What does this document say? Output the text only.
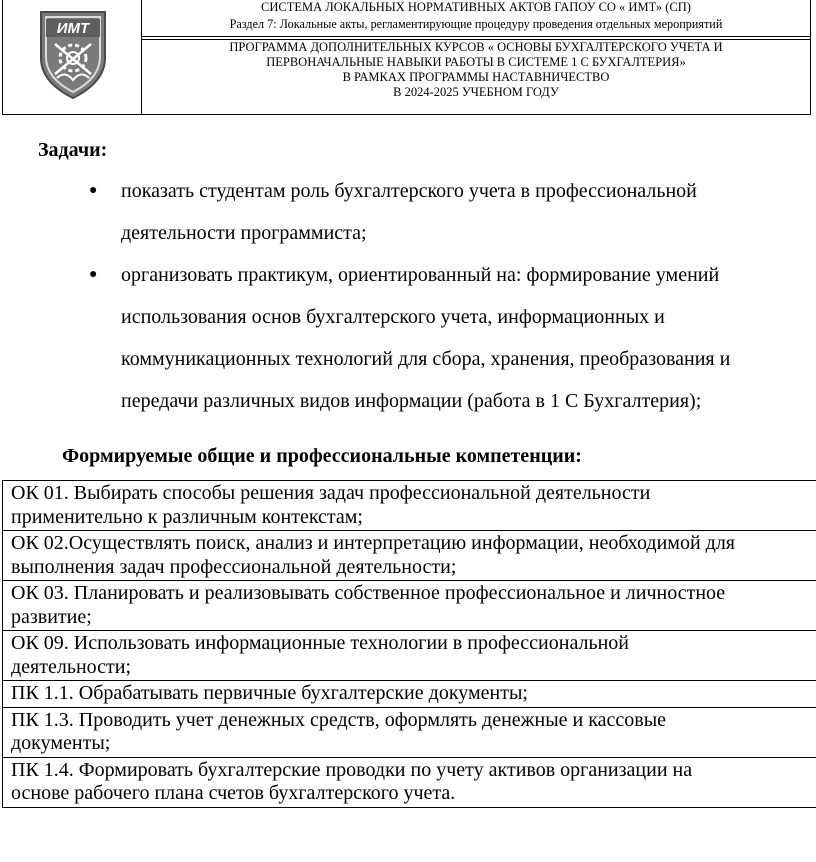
ИМТ
СИСТЕМА ЛОКАЛЬНЫХ НОРМАТИВНЫХ АКТОВ ГАПОУ СО « ИМТ» (СП)
Раздел 7: Локальные акты, регламентирующие процедуру проведения отдельных мероприятий
ПРОГРАММА ДОПОЛНИТЕЛЬНЫХ КУРСОВ « ОСНОВЫ БУХГАЛТЕРСКОГО УЧЕТА И
ПЕРВОНАЧАЛЬНЫЕ НАВЫКИ РАБОТЫ В СИСТЕМЕ 1 С БУХГАЛТЕРИЯ»
В РАМКАХ ПРОГРАММЫ НАСТАВНИЧЕСТВО
В 2024-2025 УЧЕБНОМ ГОДУ
Задачи:
●	показать студентам роль бухгалтерского учета в профессиональной
деятельности программиста;
●	организовать практикум, ориентированный на: формирование умений
использования основ бухгалтерского учета, информационных и
коммуникационных технологий для сбора, хранения, преобразования и
передачи различных видов информации (работа в 1 С Бухгалтерия);
Формируемые общие и профессиональные компетенции:
ОК 01. Выбирать способы решения задач профессиональной деятельности
применительно к различным контекстам;

ОК 02.Осуществлять поиск, анализ и интерпретацию информации, необходимой для
выполнения задач профессиональной деятельности;

ОК 03. Планировать и реализовывать собственное профессиональное и личностное
развитие;

ОК 09. Использовать информационные технологии в профессиональной
деятельности;

ПК 1.1. Обрабатывать первичные бухгалтерские документы;

ПК 1.3. Проводить учет денежных средств, оформлять денежные и кассовые
документы;

ПК 1.4. Формировать бухгалтерские проводки по учету активов организации на
основе рабочего плана счетов бухгалтерского учета.
